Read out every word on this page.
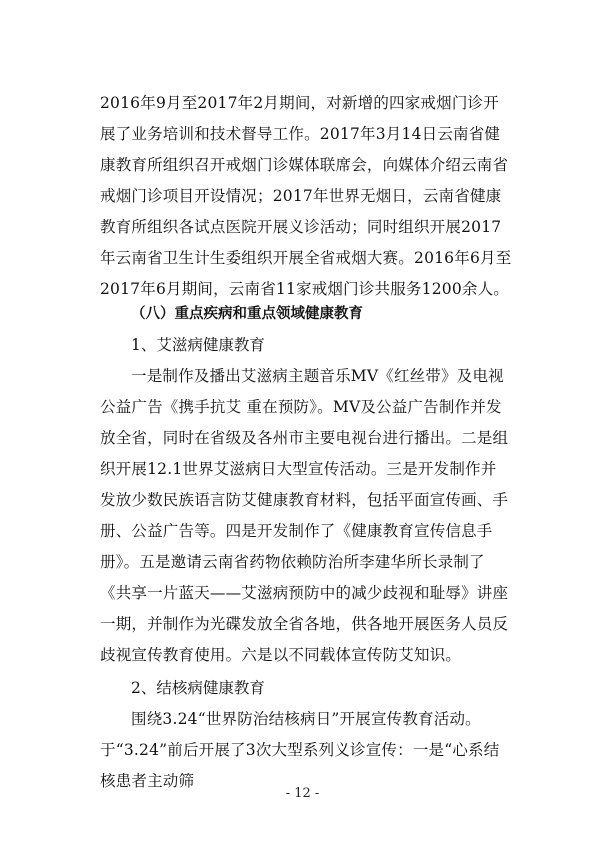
2016年9月至2017年2月期间，对新增的四家戒烟门诊开展了业务培训和技术督导工作。2017年3月14日云南省健康教育所组织召开戒烟门诊媒体联席会，向媒体介绍云南省戒烟门诊项目开设情况；2017年世界无烟日，云南省健康教育所组织各试点医院开展义诊活动；同时组织开展2017年云南省卫生计生委组织开展全省戒烟大赛。2016年6月至2017年6月期间，云南省11家戒烟门诊共服务1200余人。

（八）重点疾病和重点领域健康教育

1、艾滋病健康教育

一是制作及播出艾滋病主题音乐MV《红丝带》及电视公益广告《携手抗艾 重在预防》。MV及公益广告制作并发放全省，同时在省级及各州市主要电视台进行播出。二是组织开展12.1世界艾滋病日大型宣传活动。三是开发制作并发放少数民族语言防艾健康教育材料，包括平面宣传画、手册、公益广告等。四是开发制作了《健康教育宣传信息手册》。五是邀请云南省药物依赖防治所李建华所长录制了《共享一片蓝天——艾滋病预防中的减少歧视和耻辱》讲座一期，并制作为光碟发放全省各地，供各地开展医务人员反歧视宣传教育使用。六是以不同载体宣传防艾知识。

2、结核病健康教育

围绕3.24“世界防治结核病日”开展宣传教育活动。于“3.24”前后开展了3次大型系列义诊宣传：一是“心系结核患者主动筛

- 12 -
